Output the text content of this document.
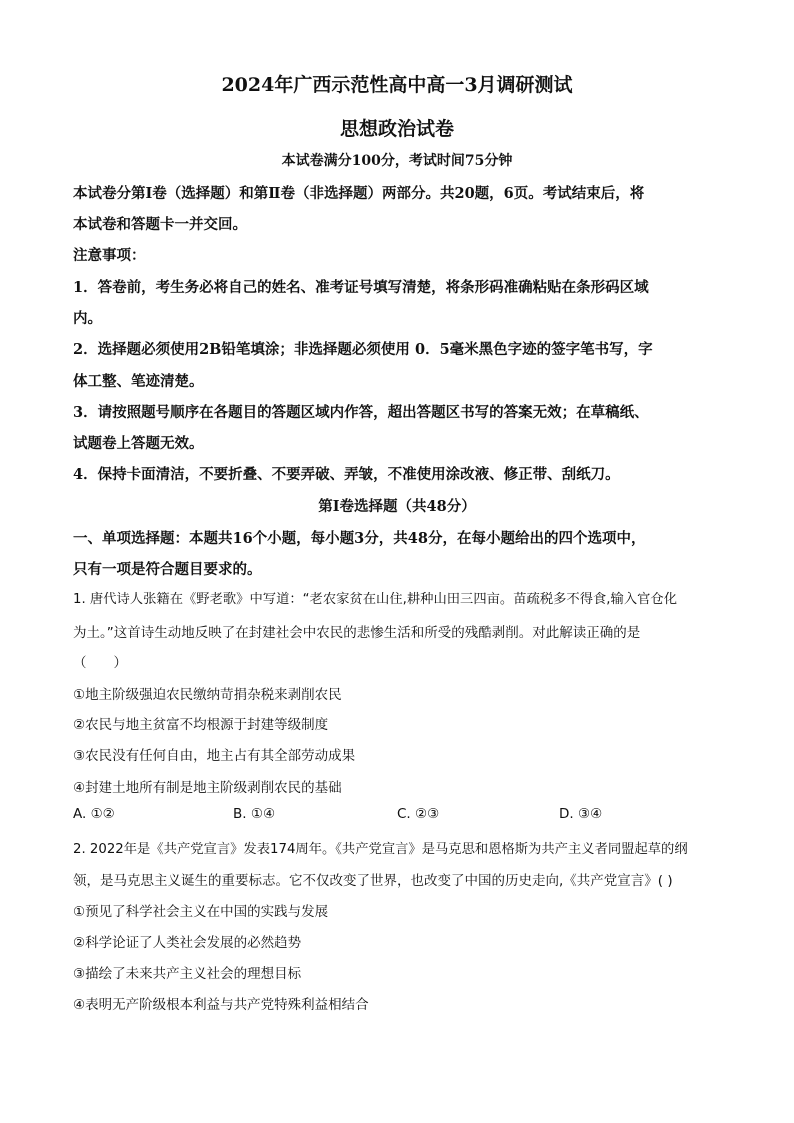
2024年广西示范性高中高一3月调研测试
思想政治试卷
本试卷满分100分，考试时间75分钟
本试卷分第Ⅰ卷（选择题）和第Ⅱ卷（非选择题）两部分。共20题，6页。考试结束后，将
本试卷和答题卡一并交回。
注意事项：
1．答卷前，考生务必将自己的姓名、准考证号填写清楚，将条形码准确粘贴在条形码区域
内。
2．选择题必须使用2B铅笔填涂；非选择题必须使用 0．5毫米黑色字迹的签字笔书写，字
体工整、笔迹清楚。
3．请按照题号顺序在各题目的答题区域内作答，超出答题区书写的答案无效；在草稿纸、
试题卷上答题无效。
4．保持卡面清洁，不要折叠、不要弄破、弄皱，不准使用涂改液、修正带、刮纸刀。
第Ⅰ卷选择题（共48分）
一、单项选择题：本题共16个小题，每小题3分，共48分，在每小题给出的四个选项中，
只有一项是符合题目要求的。
1. 唐代诗人张籍在《野老歌》中写道：“老农家贫在山住,耕种山田三四亩。苗疏税多不得食,输入官仓化
为土。”这首诗生动地反映了在封建社会中农民的悲惨生活和所受的残酷剥削。对此解读正确的是
（　　）
①地主阶级强迫农民缴纳苛捐杂税来剥削农民
②农民与地主贫富不均根源于封建等级制度
③农民没有任何自由，地主占有其全部劳动成果
④封建土地所有制是地主阶级剥削农民的基础
A. ①②	B. ①④	C. ②③	D. ③④
2. 2022年是《共产党宣言》发表174周年。《共产党宣言》是马克思和恩格斯为共产主义者同盟起草的纲
领，是马克思主义诞生的重要标志。它不仅改变了世界，也改变了中国的历史走向,《共产党宣言》( )
①预见了科学社会主义在中国的实践与发展
②科学论证了人类社会发展的必然趋势
③描绘了未来共产主义社会的理想目标
④表明无产阶级根本利益与共产党特殊利益相结合
